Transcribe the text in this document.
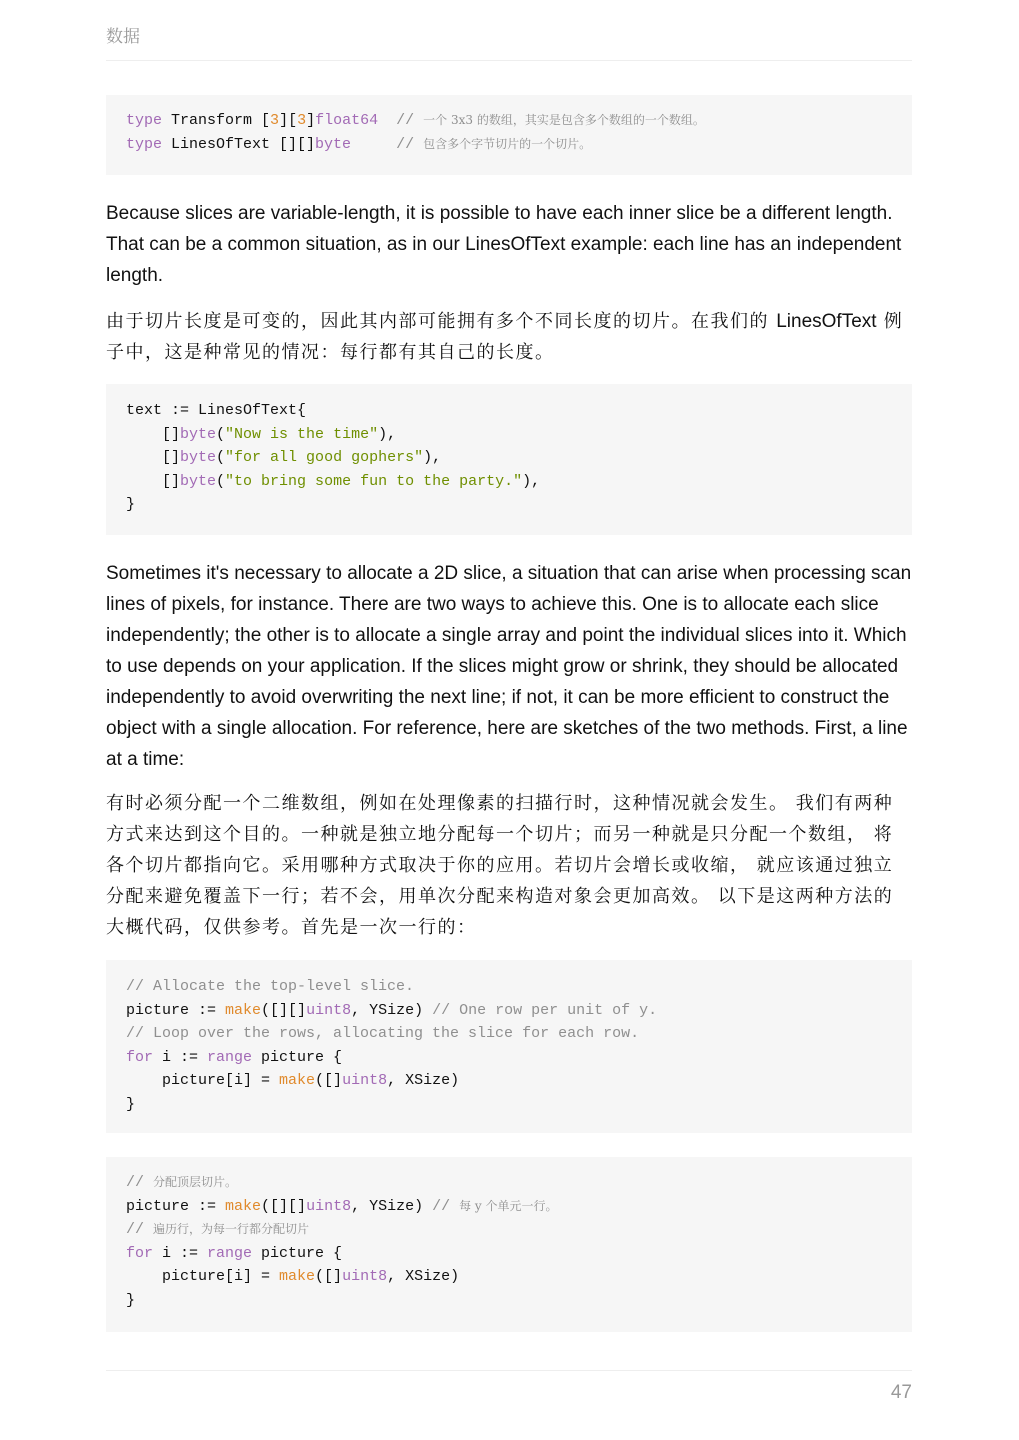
数据
type Transform [3][3]float64 // 一个 3x3 的数组，其实是包含多个数组的一个数组。
type LinesOfText [][]byte	// 包含多个字节切片的一个切片。
Because slices are variable-length, it is possible to have each inner slice be a different length. That can be a common situation, as in our LinesOfText example: each line has an independent length.
由于切片长度是可变的，因此其内部可能拥有多个不同长度的切片。在我们的 LinesOfText 例子中，这是种常见的情况：每行都有其自己的长度。
text := LinesOfText{
[]byte("Now is the time"),
[]byte("for all good gophers"),
[]byte("to bring some fun to the party."),
}
Sometimes it's necessary to allocate a 2D slice, a situation that can arise when processing scan lines of pixels, for instance. There are two ways to achieve this. One is to allocate each slice independently; the other is to allocate a single array and point the individual slices into it. Which to use depends on your application. If the slices might grow or shrink, they should be allocated independently to avoid overwriting the next line; if not, it can be more efficient to construct the object with a single allocation. For reference, here are sketches of the two methods. First, a line at a time:
有时必须分配一个二维数组，例如在处理像素的扫描行时，这种情况就会发生。 我们有两种方式来达到这个目的。一种就是独立地分配每一个切片；而另一种就是只分配一个数组， 将各个切片都指向它。采用哪种方式取决于你的应用。若切片会增长或收缩， 就应该通过独立分配来避免覆盖下一行；若不会，用单次分配来构造对象会更加高效。 以下是这两种方法的大概代码，仅供参考。首先是一次一行的：
// Allocate the top-level slice.
picture := make([][]uint8, YSize) // One row per unit of y.
// Loop over the rows, allocating the slice for each row.
for i := range picture {
picture[i] = make([]uint8, XSize)
}
// 分配顶层切片。
picture := make([][]uint8, YSize) // 每 y 个单元一行。
// 遍历行，为每一行都分配切片
for i := range picture {
picture[i] = make([]uint8, XSize)
}
47
